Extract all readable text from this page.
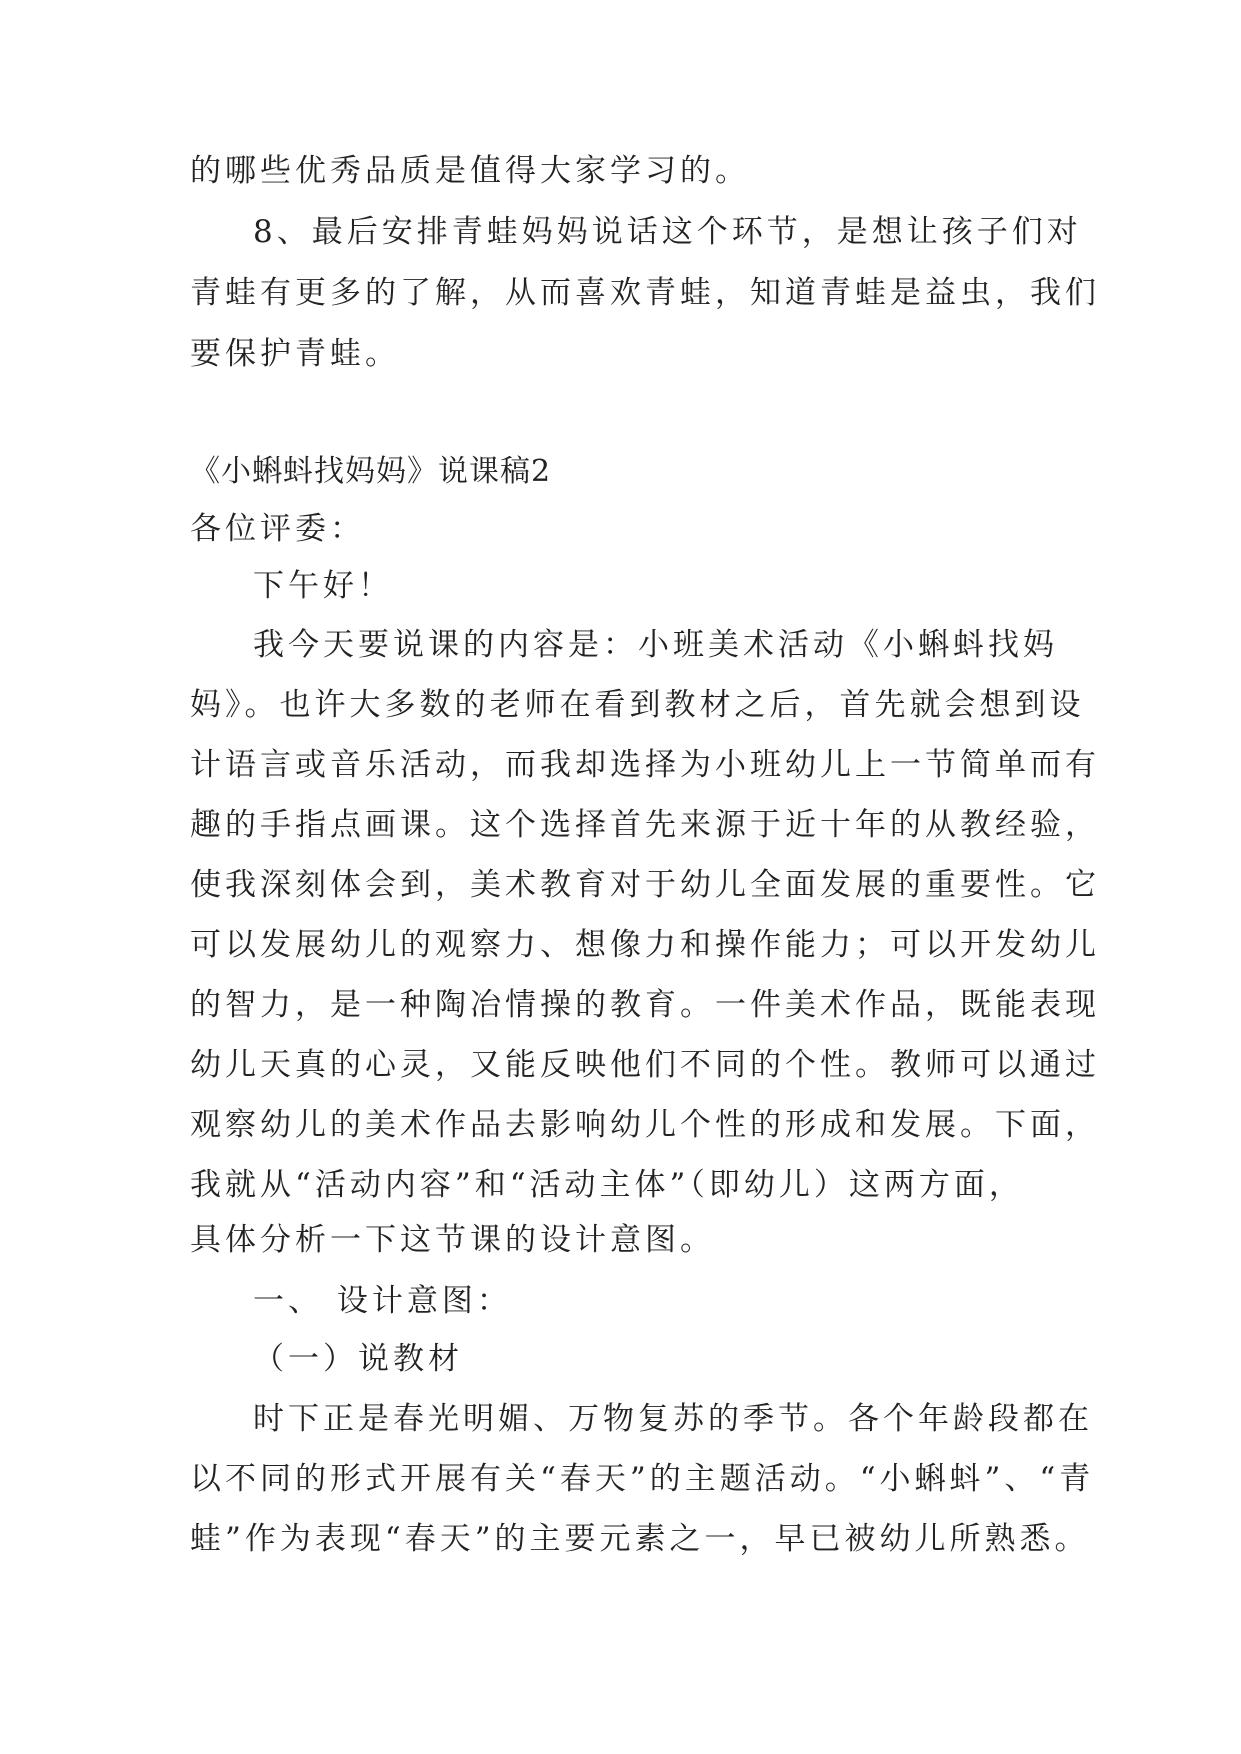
的哪些优秀品质是值得大家学习的。
8、最后安排青蛙妈妈说话这个环节，是想让孩子们对
青蛙有更多的了解，从而喜欢青蛙，知道青蛙是益虫，我们
要保护青蛙。
《小蝌蚪找妈妈》说课稿2
各位评委：
下午好！
我今天要说课的内容是：小班美术活动《小蝌蚪找妈
妈》。也许大多数的老师在看到教材之后，首先就会想到设
计语言或音乐活动，而我却选择为小班幼儿上一节简单而有
趣的手指点画课。这个选择首先来源于近十年的从教经验，
使我深刻体会到，美术教育对于幼儿全面发展的重要性。它
可以发展幼儿的观察力、想像力和操作能力；可以开发幼儿
的智力，是一种陶冶情操的教育。一件美术作品，既能表现
幼儿天真的心灵，又能反映他们不同的个性。教师可以通过
观察幼儿的美术作品去影响幼儿个性的形成和发展。下面，
我就从“活动内容”和“活动主体”（即幼儿）这两方面，
具体分析一下这节课的设计意图。
一、 设计意图：
（一）说教材
时下正是春光明媚、万物复苏的季节。各个年龄段都在
以不同的形式开展有关“春天”的主题活动。“小蝌蚪”、“青
蛙”作为表现“春天”的主要元素之一，早已被幼儿所熟悉。
